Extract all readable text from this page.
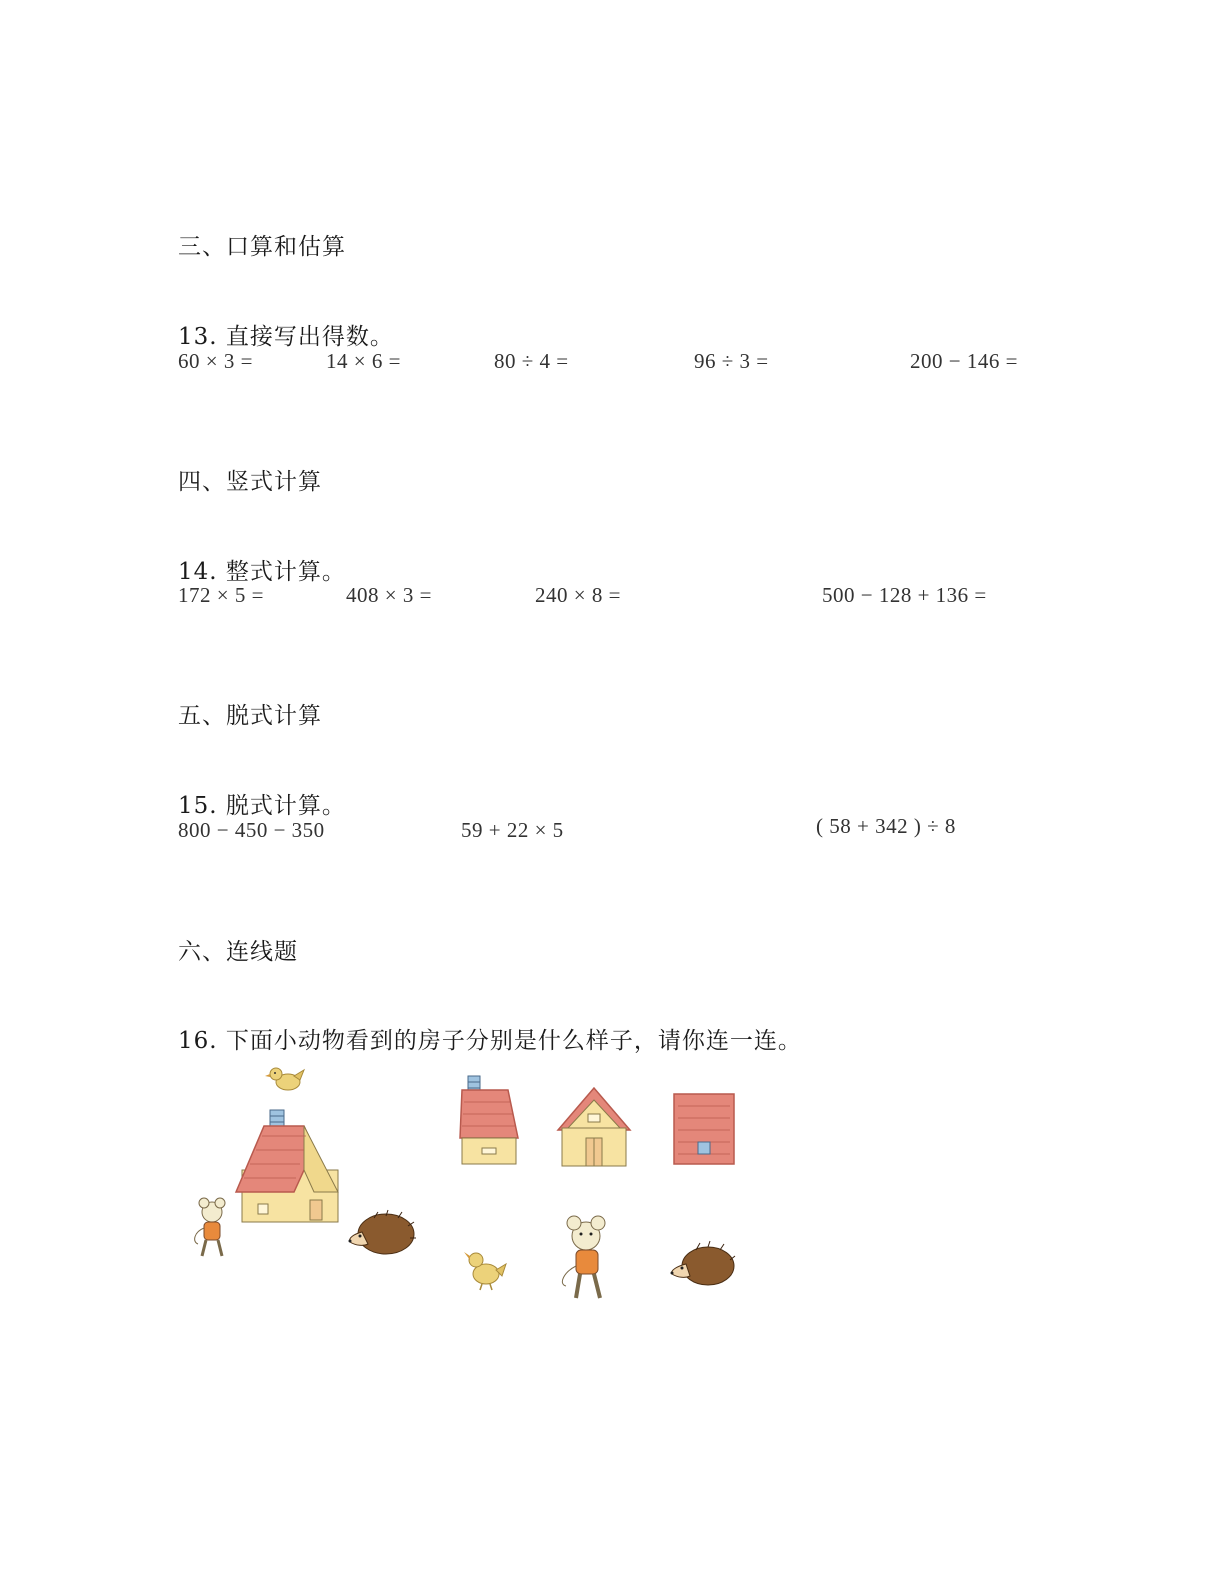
三、口算和估算
13. 直接写出得数。
60 × 3 =	14 × 6 =	80 ÷ 4 =	96 ÷ 3 =	200 − 146 =
四、竖式计算
14. 整式计算。
172 × 5 =	408 × 3 =	240 × 8 =	500 − 128 + 136 =
五、脱式计算
15. 脱式计算。
800 − 450 − 350	59 + 22 × 5	( 58 + 342 ) ÷ 8
六、连线题
16. 下面小动物看到的房子分别是什么样子，请你连一连。
